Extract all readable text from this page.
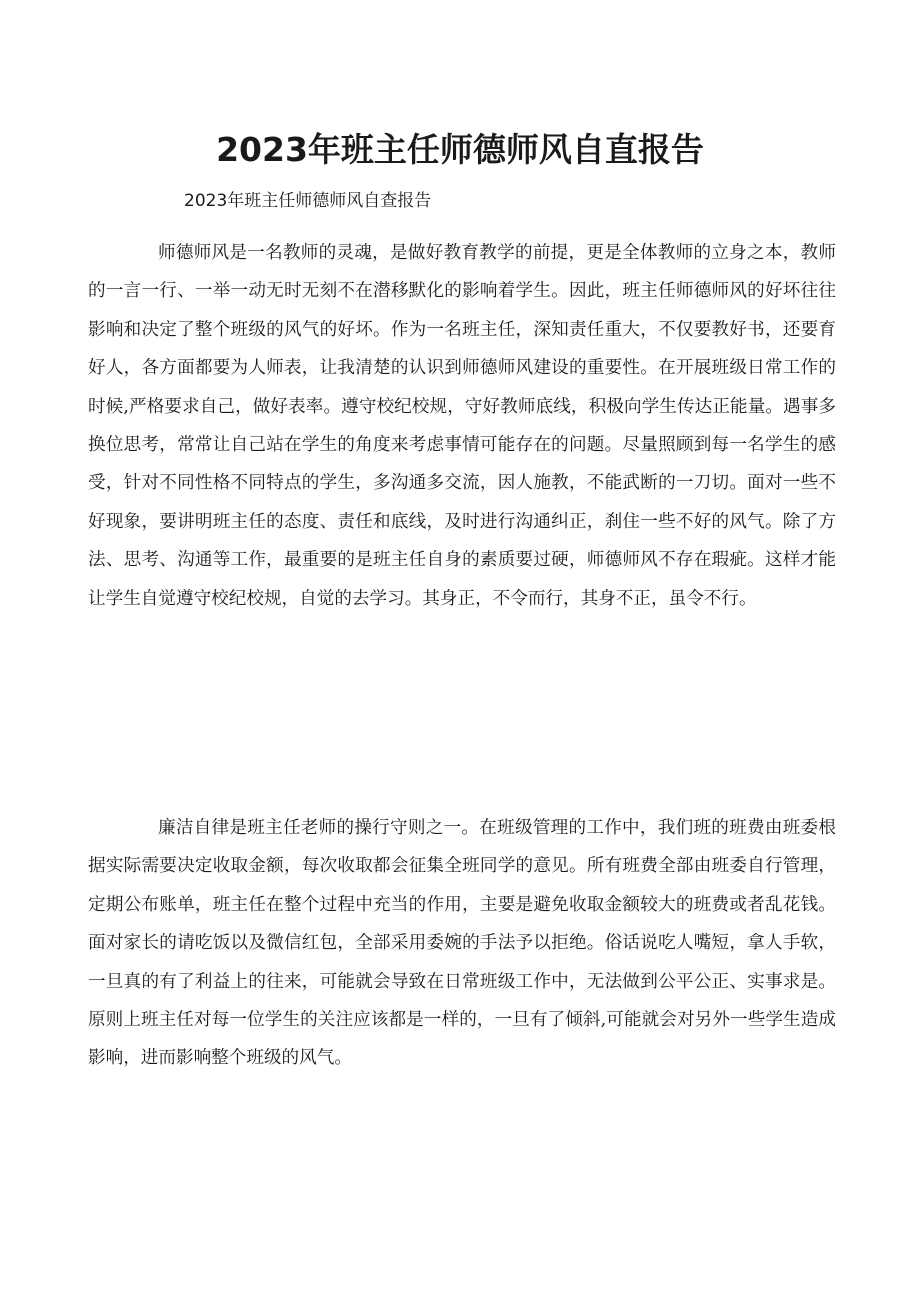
2023年班主任师德师风自直报告

2023年班主任师德师风自查报告

师德师风是一名教师的灵魂，是做好教育教学的前提，更是全体教师的立身之本，教师的一言一行、一举一动无时无刻不在潜移默化的影响着学生。因此，班主任师德师风的好坏往往影响和决定了整个班级的风气的好坏。作为一名班主任，深知责任重大，不仅要教好书，还要育好人，各方面都要为人师表，让我清楚的认识到师德师风建设的重要性。在开展班级日常工作的时候,严格要求自己，做好表率。遵守校纪校规，守好教师底线，积极向学生传达正能量。遇事多换位思考，常常让自己站在学生的角度来考虑事情可能存在的问题。尽量照顾到每一名学生的感受，针对不同性格不同特点的学生，多沟通多交流，因人施教，不能武断的一刀切。面对一些不好现象，要讲明班主任的态度、责任和底线，及时进行沟通纠正，刹住一些不好的风气。除了方法、思考、沟通等工作，最重要的是班主任自身的素质要过硬，师德师风不存在瑕疵。这样才能让学生自觉遵守校纪校规，自觉的去学习。其身正，不令而行，其身不正，虽令不行。

廉洁自律是班主任老师的操行守则之一。在班级管理的工作中，我们班的班费由班委根据实际需要决定收取金额，每次收取都会征集全班同学的意见。所有班费全部由班委自行管理，定期公布账单，班主任在整个过程中充当的作用，主要是避免收取金额较大的班费或者乱花钱。面对家长的请吃饭以及微信红包，全部采用委婉的手法予以拒绝。俗话说吃人嘴短，拿人手软，一旦真的有了利益上的往来，可能就会导致在日常班级工作中，无法做到公平公正、实事求是。原则上班主任对每一位学生的关注应该都是一样的，一旦有了倾斜,可能就会对另外一些学生造成影响，进而影响整个班级的风气。
